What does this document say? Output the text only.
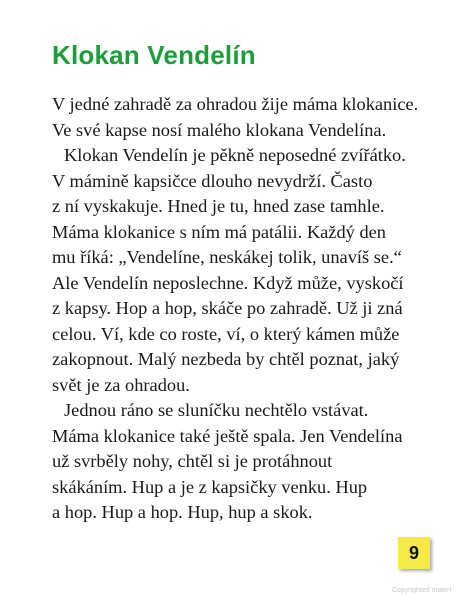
Klokan Vendelín
V jedné zahradě za ohradou žije máma klokanice.
Ve své kapse nosí malého klokana Vendelína.
Klokan Vendelín je pěkně neposedné zvířátko.
V mámině kapsičce dlouho nevydrží. Často
z ní vyskakuje. Hned je tu, hned zase tamhle.
Máma klokanice s ním má patálii. Každý den
mu říká: „Vendelíne, neskákej tolik, unavíš se.“
Ale Vendelín neposlechne. Když může, vyskočí
z kapsy. Hop a hop, skáče po zahradě. Už ji zná
celou. Ví, kde co roste, ví, o který kámen může
zakopnout. Malý nezbeda by chtěl poznat, jaký
svět je za ohradou.
Jednou ráno se sluníčku nechtělo vstávat.
Máma klokanice také ještě spala. Jen Vendelína
už svrběly nohy, chtěl si je protáhnout
skákáním. Hup a je z kapsičky venku. Hup
a hop. Hup a hop. Hup, hup a skok.
9
Copyrighted materi
